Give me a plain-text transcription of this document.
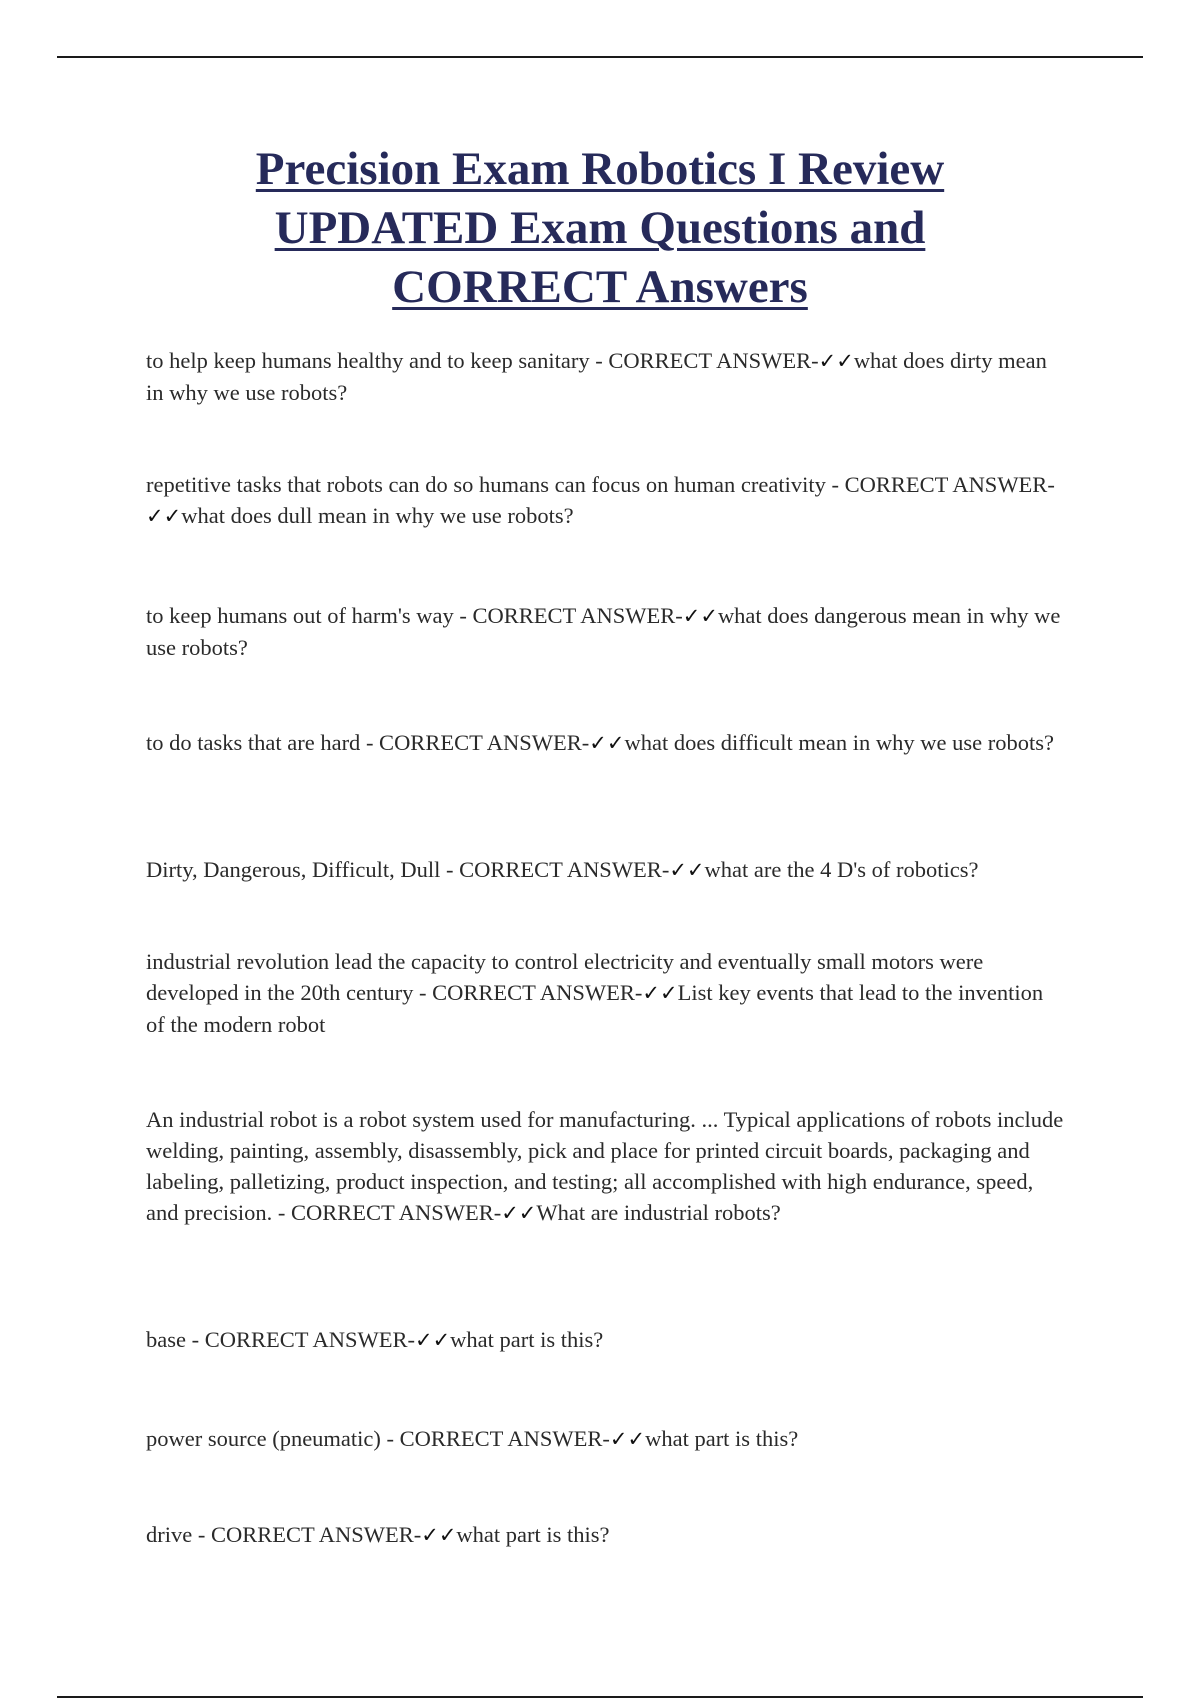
Precision Exam Robotics I Review
UPDATED Exam Questions and
CORRECT Answers

to help keep humans healthy and to keep sanitary - CORRECT ANSWER-✓✓what does dirty mean in why we use robots?

repetitive tasks that robots can do so humans can focus on human creativity - CORRECT ANSWER-✓✓what does dull mean in why we use robots?

to keep humans out of harm's way - CORRECT ANSWER-✓✓what does dangerous mean in why we use robots?

to do tasks that are hard - CORRECT ANSWER-✓✓what does difficult mean in why we use robots?

Dirty, Dangerous, Difficult, Dull - CORRECT ANSWER-✓✓what are the 4 D's of robotics?

industrial revolution lead the capacity to control electricity and eventually small motors were developed in the 20th century - CORRECT ANSWER-✓✓List key events that lead to the invention of the modern robot

An industrial robot is a robot system used for manufacturing. ... Typical applications of robots include welding, painting, assembly, disassembly, pick and place for printed circuit boards, packaging and labeling, palletizing, product inspection, and testing; all accomplished with high endurance, speed, and precision. - CORRECT ANSWER-✓✓What are industrial robots?

base - CORRECT ANSWER-✓✓what part is this?

power source (pneumatic) - CORRECT ANSWER-✓✓what part is this?

drive - CORRECT ANSWER-✓✓what part is this?
